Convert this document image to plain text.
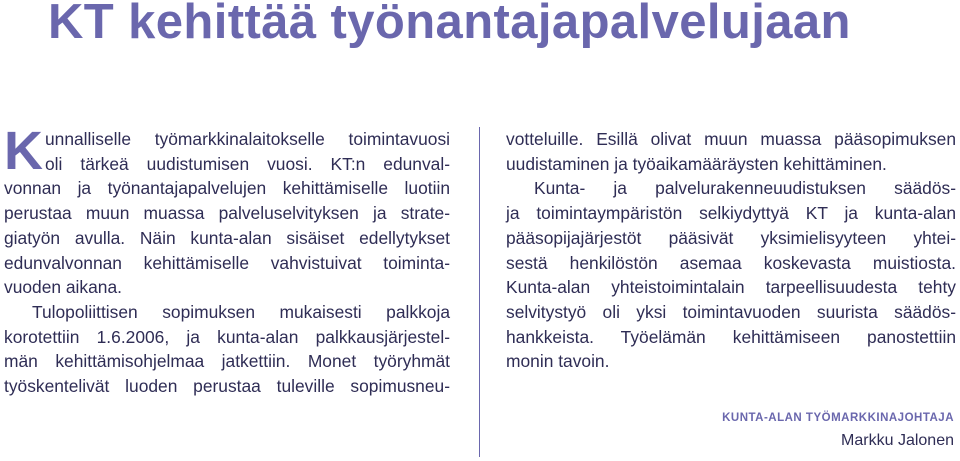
KT kehittää työnantajapalvelujaan

K unnalliselle työmarkkinalaitokselle toimintavuosi
oli tärkeä uudistumisen vuosi. KT:n edunval-
vonnan ja työnantajapalvelujen kehittämiselle luotiin
perustaa muun muassa palveluselvityksen ja strate-
giatyön avulla. Näin kunta-alan sisäiset edellytykset
edunvalvonnan kehittämiselle vahvistuivat toiminta-
vuoden aikana.

Tulopoliittisen sopimuksen mukaisesti palkkoja
korotettiin 1.6.2006, ja kunta-alan palkkausjärjestel-
män kehittämisohjelmaa jatkettiin. Monet työryhmät
työskentelivät luoden perustaa tuleville sopimusneu-

votteluille. Esillä olivat muun muassa pääsopimuksen
uudistaminen ja työaikamääräysten kehittäminen.

Kunta- ja palvelurakenneuudistuksen säädös-
ja toimintaympäristön selkiydyttyä KT ja kunta-alan
pääsopijajärjestöt pääsivät yksimielisyyteen yhtei-
sestä henkilöstön asemaa koskevasta muistiosta.
Kunta-alan yhteistoimintalain tarpeellisuudesta tehty
selvitystyö oli yksi toimintavuoden suurista säädös-
hankkeista. Työelämän kehittämiseen panostettiin
monin tavoin.

KUNTA-ALAN TYÖMARKKINAJOHTAJA
Markku Jalonen
